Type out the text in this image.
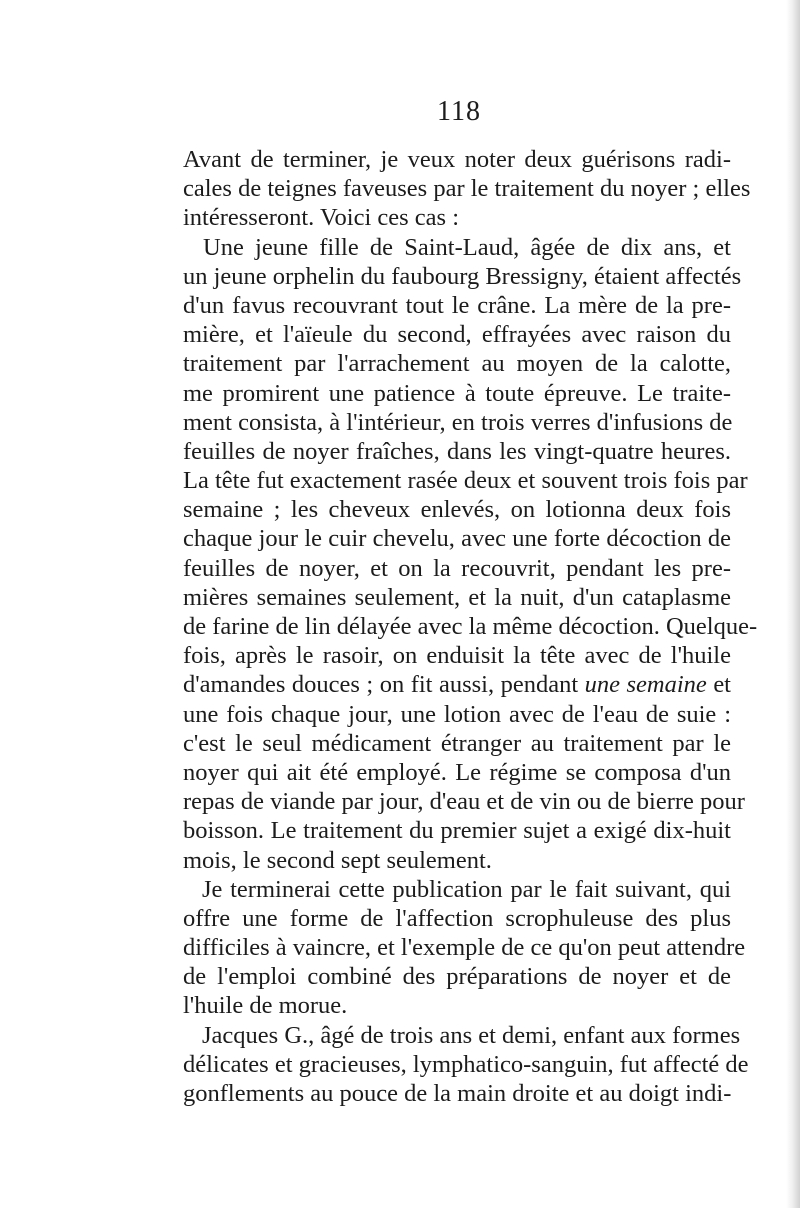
118
Avant de terminer, je veux noter deux guérisons radi-
cales de teignes faveuses par le traitement du noyer ; elles
intéresseront. Voici ces cas :
Une jeune fille de Saint-Laud, âgée de dix ans, et
un jeune orphelin du faubourg Bressigny, étaient affectés
d'un favus recouvrant tout le crâne. La mère de la pre-
mière, et l'aïeule du second, effrayées avec raison du
traitement par l'arrachement au moyen de la calotte,
me promirent une patience à toute épreuve. Le traite-
ment consista, à l'intérieur, en trois verres d'infusions de
feuilles de noyer fraîches, dans les vingt-quatre heures.
La tête fut exactement rasée deux et souvent trois fois par
semaine ; les cheveux enlevés, on lotionna deux fois
chaque jour le cuir chevelu, avec une forte décoction de
feuilles de noyer, et on la recouvrit, pendant les pre-
mières semaines seulement, et la nuit, d'un cataplasme
de farine de lin délayée avec la même décoction. Quelque-
fois, après le rasoir, on enduisit la tête avec de l'huile
d'amandes douces ; on fit aussi, pendant une semaine et
une fois chaque jour, une lotion avec de l'eau de suie :
c'est le seul médicament étranger au traitement par le
noyer qui ait été employé. Le régime se composa d'un
repas de viande par jour, d'eau et de vin ou de bierre pour
boisson. Le traitement du premier sujet a exigé dix-huit
mois, le second sept seulement.
Je terminerai cette publication par le fait suivant, qui
offre une forme de l'affection scrophuleuse des plus
difficiles à vaincre, et l'exemple de ce qu'on peut attendre
de l'emploi combiné des préparations de noyer et de
l'huile de morue.
Jacques G., âgé de trois ans et demi, enfant aux formes
délicates et gracieuses, lymphatico-sanguin, fut affecté de
gonflements au pouce de la main droite et au doigt indi-
